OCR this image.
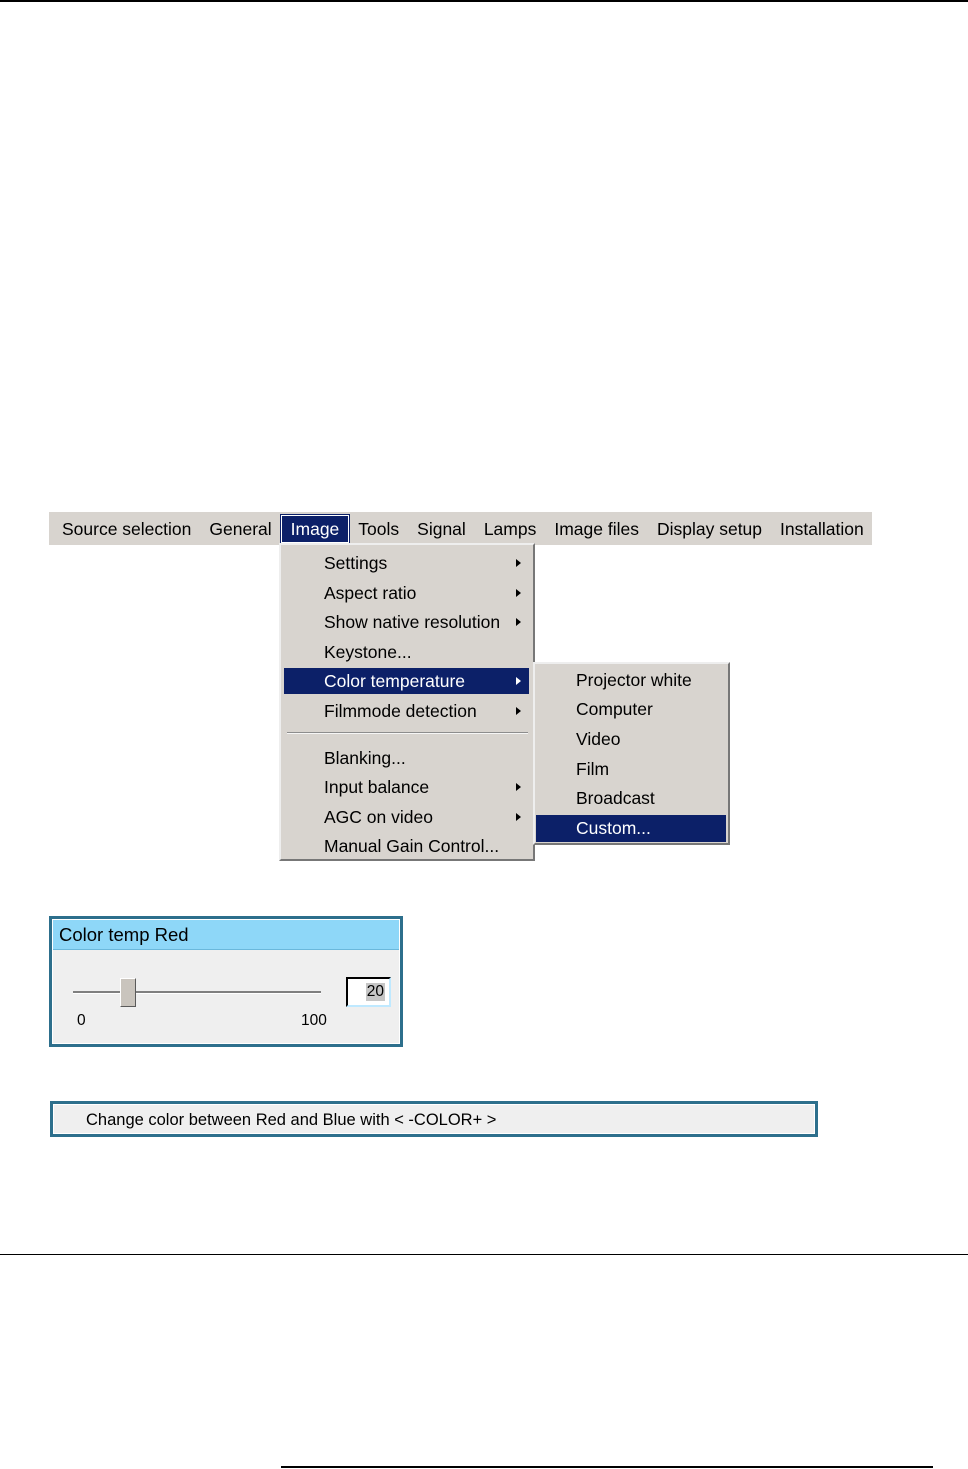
Source selection	General	Image	Tools	Signal	Lamps	Image files	Display setup	Installation
Settings
Aspect ratio
Show native resolution
Keystone...
Color temperature
Filmmode detection
Blanking...
Input balance
AGC on video
Manual Gain Control...
Projector white
Computer
Video
Film
Broadcast
Custom...
Color temp Red
0	100
20
Change color between Red and Blue with < -COLOR+ >
